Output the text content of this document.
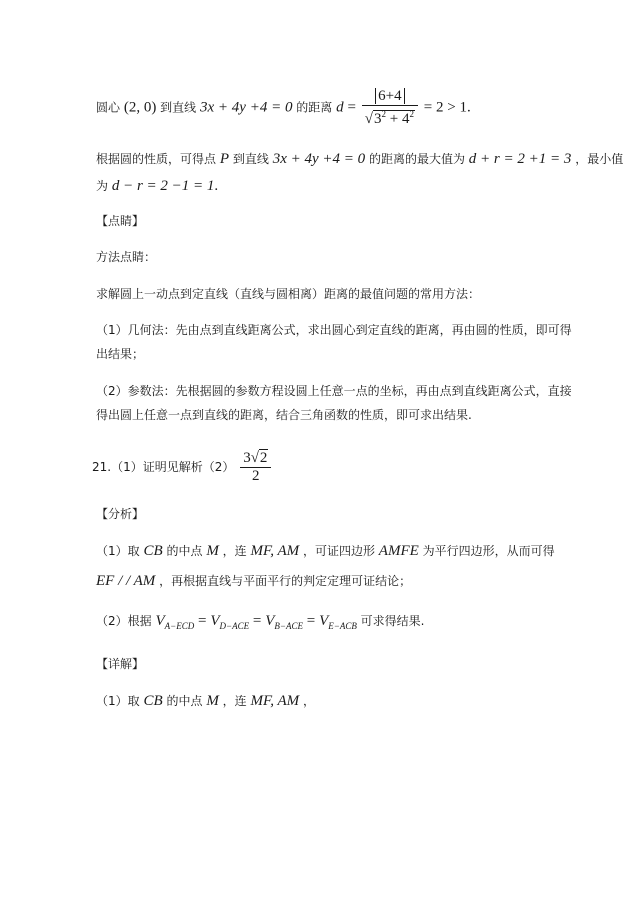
圆心 (2, 0) 到直线 3x + 4y +4 = 0 的距离 $d = \frac{6+4}{√3^2 + 4^2} = 2 > 1$.
根据圆的性质，可得点 P 到直线 3x + 4y +4 = 0 的距离的最大值为 d + r = 2 +1 = 3 ，最小值
为 d − r = 2 −1 = 1.
【点睛】
方法点睛：
求解圆上一动点到定直线（直线与圆相离）距离的最值问题的常用方法：
（1）几何法：先由点到直线距离公式，求出圆心到定直线的距离，再由圆的性质，即可得
出结果；
（2）参数法：先根据圆的参数方程设圆上任意一点的坐标，再由点到直线距离公式，直接
得出圆上任意一点到直线的距离，结合三角函数的性质，即可求出结果.
21.（1）证明见解析$(2) \frac{3√2}{2}$
【分析】
（1）取 CB 的中点 M ，连 MF, AM ，可证四边形 AMFE 为平行四边形，从而可得
EF / / AM ，再根据直线与平面平行的判定定理可证结论；
（2）根据 $V_{A-ECD} = V_{D-ACE} = V_{B-ACE} = V_{E-ACB}$ 可求得结果.
【详解】
（1）取 CB 的中点 M ，连 MF, AM ，
